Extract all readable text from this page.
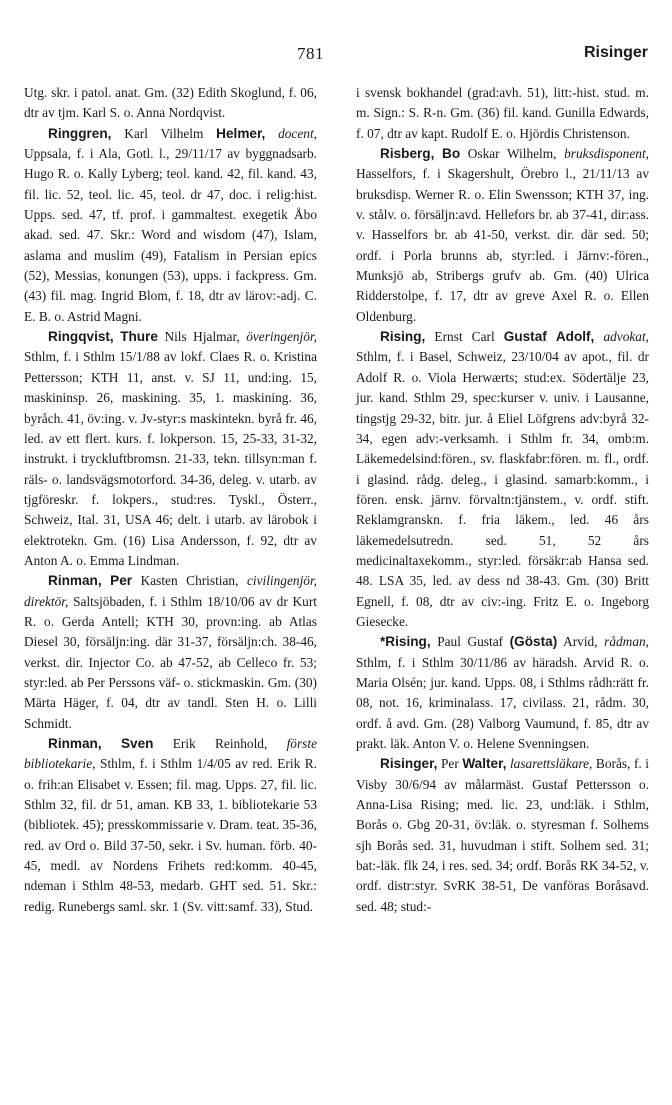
781	Risinger

Utg. skr. i patol. anat. Gm. (32) Edith Skoglund, f. 06, dtr av tjm. Karl S. o. Anna Nordqvist.

Ringgren, Karl Vilhelm Helmer, docent, Uppsala, f. i Ala, Gotl. l., 29/11/17 av byggnadsarb. Hugo R. o. Kally Lyberg; teol. kand. 42, fil. kand. 43, fil. lic. 52, teol. lic. 45, teol. dr 47, doc. i relig:hist. Upps. sed. 47, tf. prof. i gammaltest. exegetik Åbo akad. sed. 47. Skr.: Word and wisdom (47), Islam, aslama and muslim (49), Fatalism in Persian epics (52), Messias, konungen (53), upps. i fackpress. Gm. (43) fil. mag. Ingrid Blom, f. 18, dtr av lärov:-adj. C. E. B. o. Astrid Magni.

Ringqvist, Thure Nils Hjalmar, överingenjör, Sthlm, f. i Sthlm 15/1/88 av lokf. Claes R. o. Kristina Pettersson; KTH 11, anst. v. SJ 11, und:ing. 15, maskininsp. 26, maskining. 35, 1. maskining. 36, byråch. 41, öv:ing. v. Jv-styr:s maskintekn. byrå fr. 46, led. av ett flert. kurs. f. lokperson. 15, 25-33, 31-32, instrukt. i tryckluftbromsn. 21-33, tekn. tillsyn:man f. räls- o. landsvägsmotorford. 34-36, deleg. v. utarb. av tjgföreskr. f. lokpers., stud:res. Tyskl., Österr., Schweiz, Ital. 31, USA 46; delt. i utarb. av lärobok i elektrotekn. Gm. (16) Lisa Andersson, f. 92, dtr av Anton A. o. Emma Lindman.

Rinman, Per Kasten Christian, civilingenjör, direktör, Saltsjöbaden, f. i Sthlm 18/10/06 av dr Kurt R. o. Gerda Antell; KTH 30, provn:ing. ab Atlas Diesel 30, försäljn:ing. där 31-37, försäljn:ch. 38-46, verkst. dir. Injector Co. ab 47-52, ab Celleco fr. 53; styr:led. ab Per Perssons väf- o. stickmaskin. Gm. (30) Märta Häger, f. 04, dtr av tandl. Sten H. o. Lilli Schmidt.

Rinman, Sven Erik Reinhold, förste bibliotekarie, Sthlm, f. i Sthlm 1/4/05 av red. Erik R. o. frih:an Elisabet v. Essen; fil. mag. Upps. 27, fil. lic. Sthlm 32, fil. dr 51, aman. KB 33, 1. bibliotekarie 53 (bibliotek. 45); presskommissarie v. Dram. teat. 35-36, red. av Ord o. Bild 37-50, sekr. i Sv. human. förb. 40-45, medl. av Nordens Frihets red:komm. 40-45, ndeman i Sthlm 48-53, medarb. GHT sed. 51. Skr.: redig. Runebergs saml. skr. 1 (Sv. vitt:samf. 33), Stud.

i svensk bokhandel (grad:avh. 51), litt:-hist. stud. m. m. Sign.: S. R-n. Gm. (36) fil. kand. Gunilla Edwards, f. 07, dtr av kapt. Rudolf E. o. Hjördis Christenson.

Risberg, Bo Oskar Wilhelm, bruksdisponent, Hasselfors, f. i Skagershult, Örebro l., 21/11/13 av bruksdisp. Werner R. o. Elin Swensson; KTH 37, ing. v. stålv. o. försäljn:avd. Hellefors br. ab 37-41, dir:ass. v. Hasselfors br. ab 41-50, verkst. dir. där sed. 50; ordf. i Porla brunns ab, styr:led. i Järnv:-fören., Munksjö ab, Stribergs grufv ab. Gm. (40) Ulrica Ridderstolpe, f. 17, dtr av greve Axel R. o. Ellen Oldenburg.

Rising, Ernst Carl Gustaf Adolf, advokat, Sthlm, f. i Basel, Schweiz, 23/10/04 av apot., fil. dr Adolf R. o. Viola Herwærts; stud:ex. Södertälje 23, jur. kand. Sthlm 29, spec:kurser v. univ. i Lausanne, tingstjg 29-32, bitr. jur. å Eliel Löfgrens adv:byrå 32-34, egen adv:-verksamh. i Sthlm fr. 34, omb:m. Läkemedelsind:fören., sv. flaskfabr:fören. m. fl., ordf. i glasind. rådg. deleg., i glasind. samarb:komm., i fören. ensk. järnv. förvaltn:tjänstem., v. ordf. stift. Reklamgranskn. f. fria läkem., led. 46 års läkemedelsutredn. sed. 51, 52 års medicinaltaxekomm., styr:led. försäkr:ab Hansa sed. 48. LSA 35, led. av dess nd 38-43. Gm. (30) Britt Egnell, f. 08, dtr av civ:-ing. Fritz E. o. Ingeborg Giesecke.

*Rising, Paul Gustaf (Gösta) Arvid, rådman, Sthlm, f. i Sthlm 30/11/86 av häradsh. Arvid R. o. Maria Olsén; jur. kand. Upps. 08, i Sthlms rådh:rätt fr. 08, not. 16, kriminalass. 17, civilass. 21, rådm. 30, ordf. å avd. Gm. (28) Valborg Vaumund, f. 85, dtr av prakt. läk. Anton V. o. Helene Svenningsen.

Risinger, Per Walter, lasarettsläkare, Borås, f. i Visby 30/6/94 av målarmäst. Gustaf Pettersson o. Anna-Lisa Rising; med. lic. 23, und:läk. i Sthlm, Borås o. Gbg 20-31, öv:läk. o. styresman f. Solhems sjh Borås sed. 31, huvudman i stift. Solhem sed. 31; bat:-läk. flk 24, i res. sed. 34; ordf. Borås RK 34-52, v. ordf. distr:styr. SvRK 38-51, De vanföras Boråsavd. sed. 48; stud:-
